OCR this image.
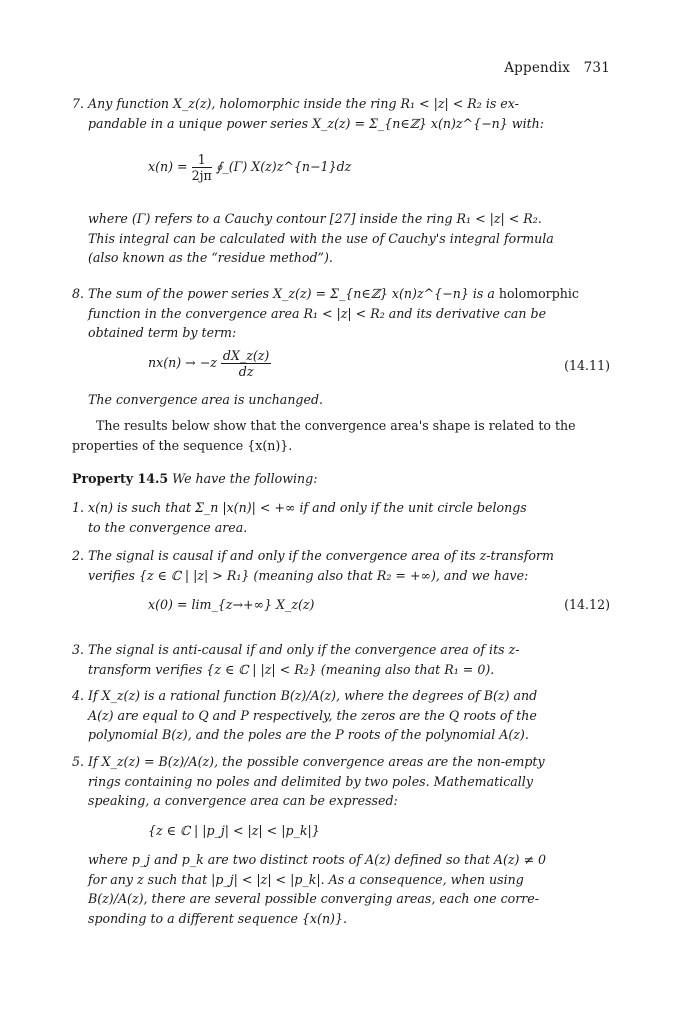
Appendix 731
7. Any function X_z(z), holomorphic inside the ring R₁ < |z| < R₂ is ex-
pandable in a unique power series X_z(z) = Σ_{n∈ℤ} x(n)z^{−n} with:
$x(n) = \frac{1}{2j\pi}$ ∮_(Γ) X(z)z^{n−1}dz
where (Γ) refers to a Cauchy contour [27] inside the ring R₁ < |z| < R₂.
This integral can be calculated with the use of Cauchy's integral formula
(also known as the “residue method”).
8. The sum of the power series X_z(z) = Σ_{n∈ℤ} x(n)z^{−n} is a holomorphic
function in the convergence area R₁ < |z| < R₂ and its derivative can be
obtained term by term:
$nx(n) \to -z \frac{dX\_z(z)}{dz}$	(14.11)
The convergence area is unchanged.
The results below show that the convergence area's shape is related to the
properties of the sequence {x(n)}.
Property 14.5 We have the following:
1. x(n) is such that Σ_n |x(n)| < +∞ if and only if the unit circle belongs
to the convergence area.
2. The signal is causal if and only if the convergence area of its z-transform
verifies {z ∈ ℂ | |z| > R₁} (meaning also that R₂ = +∞), and we have:
x(0) = lim_{z→+∞} X_z(z)	(14.12)
3. The signal is anti-causal if and only if the convergence area of its z-
transform verifies {z ∈ ℂ | |z| < R₂} (meaning also that R₁ = 0).
4. If X_z(z) is a rational function B(z)/A(z), where the degrees of B(z) and
A(z) are equal to Q and P respectively, the zeros are the Q roots of the
polynomial B(z), and the poles are the P roots of the polynomial A(z).
5. If X_z(z) = B(z)/A(z), the possible convergence areas are the non-empty
rings containing no poles and delimited by two poles. Mathematically
speaking, a convergence area can be expressed:
{z ∈ ℂ | |p_j| < |z| < |p_k|}
where p_j and p_k are two distinct roots of A(z) defined so that A(z) ≠ 0
for any z such that |p_j| < |z| < |p_k|. As a consequence, when using
B(z)/A(z), there are several possible converging areas, each one corre-
sponding to a different sequence {x(n)}.
